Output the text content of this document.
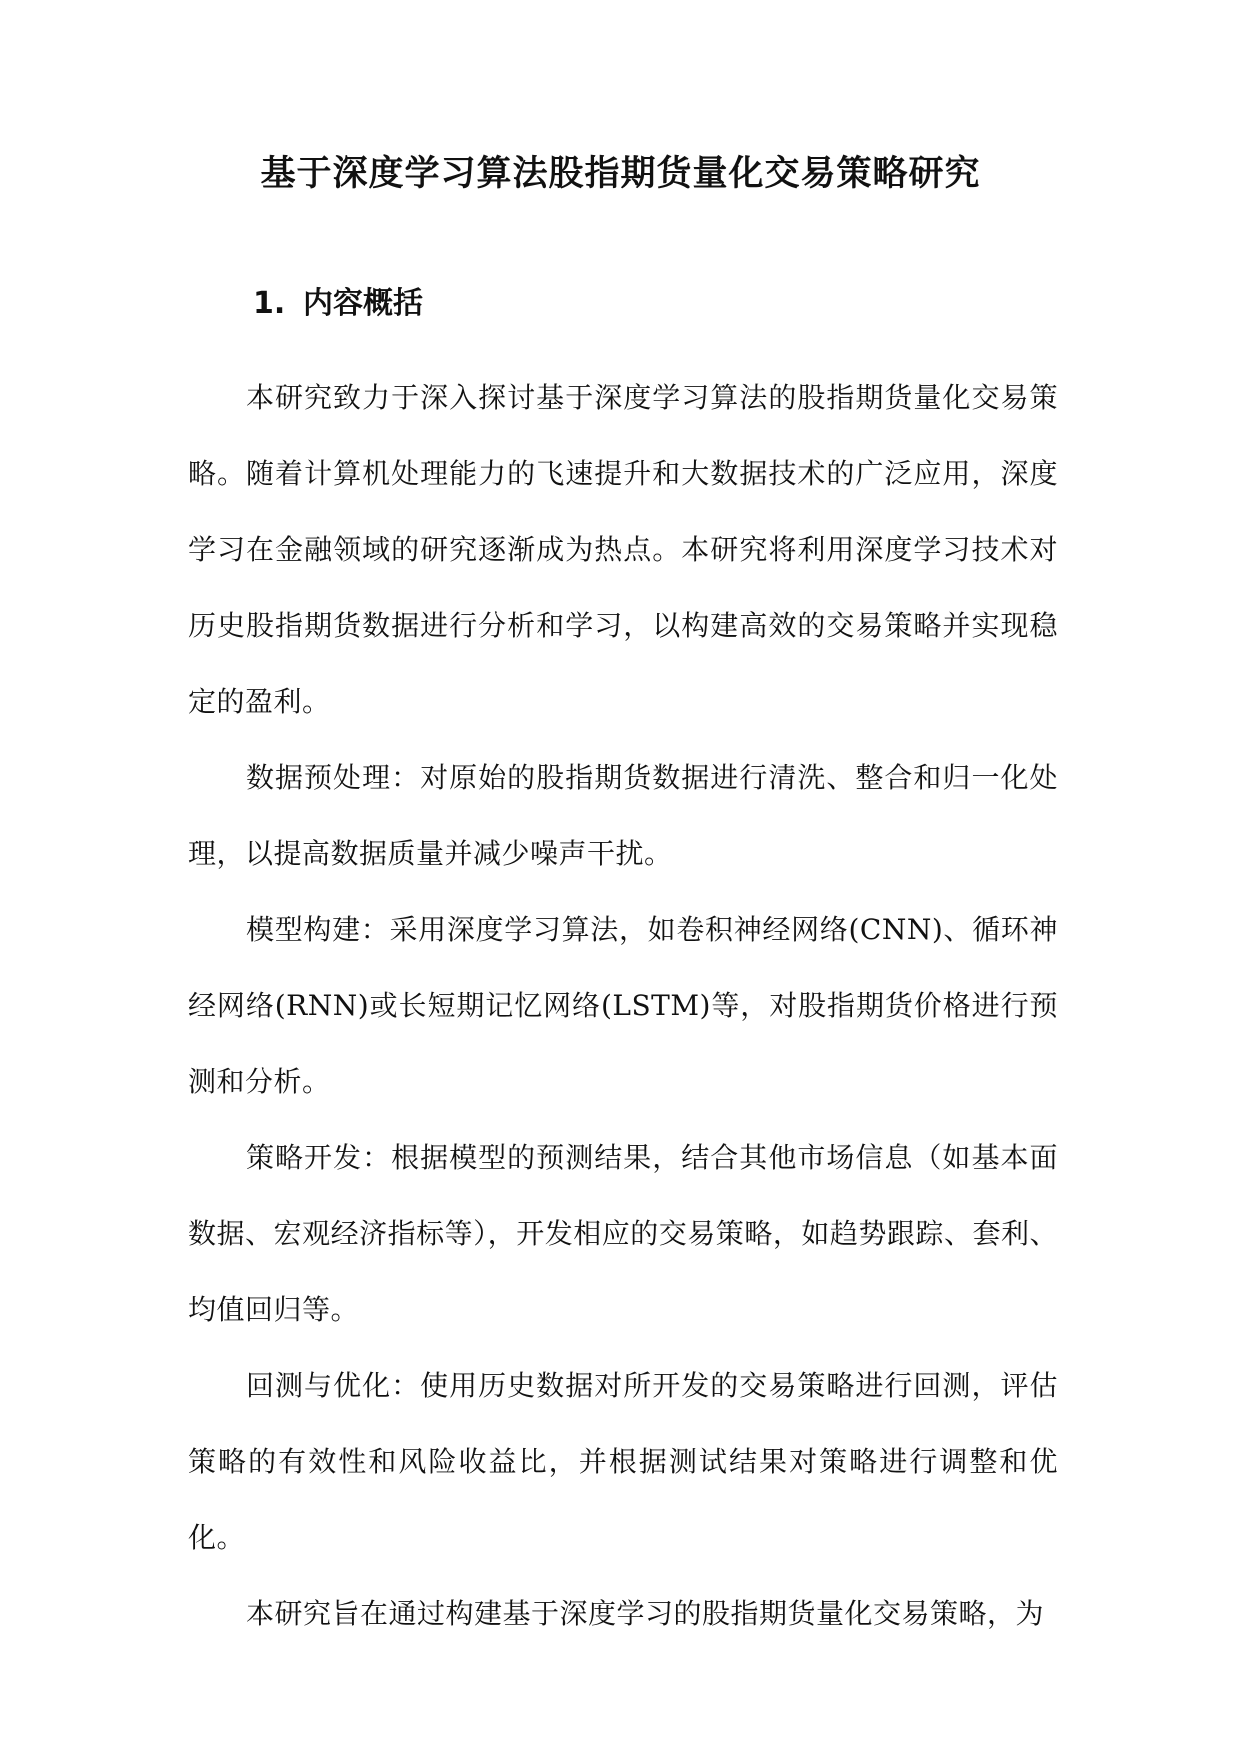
基于深度学习算法股指期货量化交易策略研究
1. 内容概括

本研究致力于深入探讨基于深度学习算法的股指期货量化交易策略。随着计算机处理能力的飞速提升和大数据技术的广泛应用，深度学习在金融领域的研究逐渐成为热点。本研究将利用深度学习技术对历史股指期货数据进行分析和学习，以构建高效的交易策略并实现稳定的盈利。

数据预处理：对原始的股指期货数据进行清洗、整合和归一化处理，以提高数据质量并减少噪声干扰。

模型构建：采用深度学习算法，如卷积神经网络(CNN)、循环神经网络(RNN)或长短期记忆网络(LSTM)等，对股指期货价格进行预测和分析。

策略开发：根据模型的预测结果，结合其他市场信息（如基本面数据、宏观经济指标等），开发相应的交易策略，如趋势跟踪、套利、均值回归等。

回测与优化：使用历史数据对所开发的交易策略进行回测，评估策略的有效性和风险收益比，并根据测试结果对策略进行调整和优化。

本研究旨在通过构建基于深度学习的股指期货量化交易策略，为
